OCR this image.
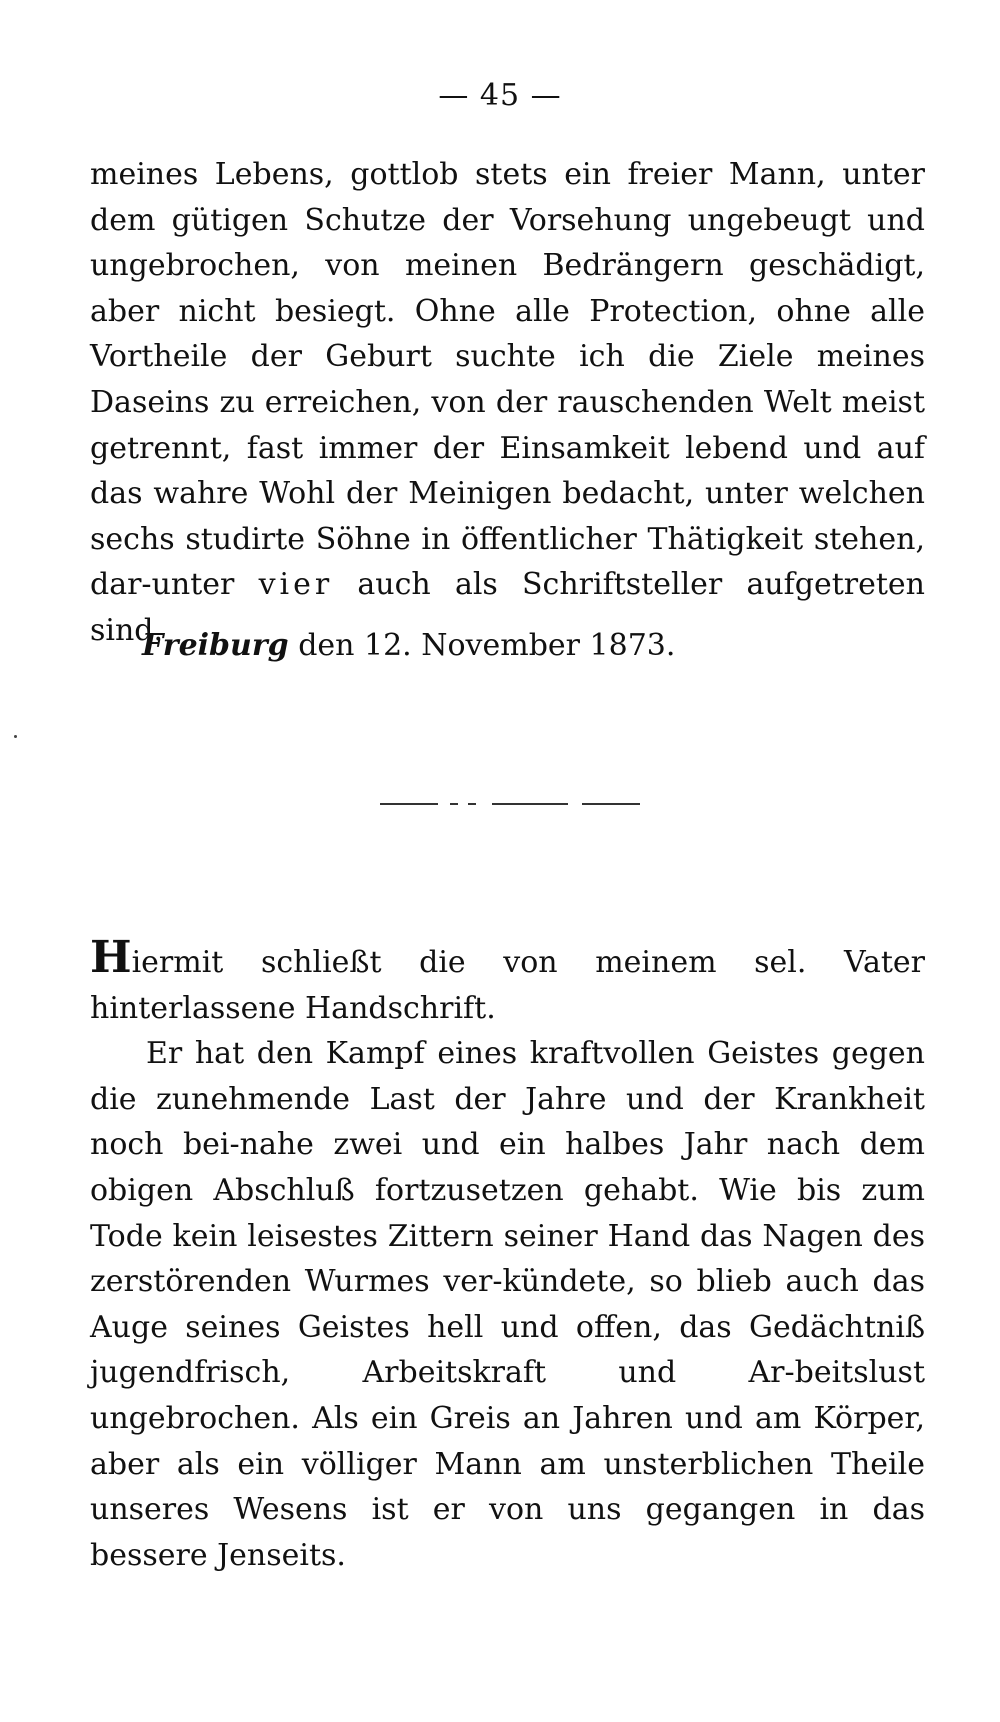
— 45 —

meines Lebens, gottlob stets ein freier Mann, unter dem gütigen Schutze der Vorsehung ungebeugt und ungebrochen, von meinen Bedrängern geschädigt, aber nicht besiegt. Ohne alle Protection, ohne alle Vortheile der Geburt suchte ich die Ziele meines Daseins zu erreichen, von der rauschenden Welt meist getrennt, fast immer der Einsamkeit lebend und auf das wahre Wohl der Meinigen bedacht, unter welchen sechs studirte Söhne in öffentlicher Thätigkeit stehen, dar-unter vier auch als Schriftsteller aufgetreten sind.

Freiburg den 12. November 1873.

Hiermit schließt die von meinem sel. Vater hinterlassene Handschrift.

Er hat den Kampf eines kraftvollen Geistes gegen die zunehmende Last der Jahre und der Krankheit noch bei-nahe zwei und ein halbes Jahr nach dem obigen Abschluß fortzusetzen gehabt. Wie bis zum Tode kein leisestes Zittern seiner Hand das Nagen des zerstörenden Wurmes ver-kündete, so blieb auch das Auge seines Geistes hell und offen, das Gedächtniß jugendfrisch, Arbeitskraft und Ar-beitslust ungebrochen. Als ein Greis an Jahren und am Körper, aber als ein völliger Mann am unsterblichen Theile unseres Wesens ist er von uns gegangen in das bessere Jenseits.
